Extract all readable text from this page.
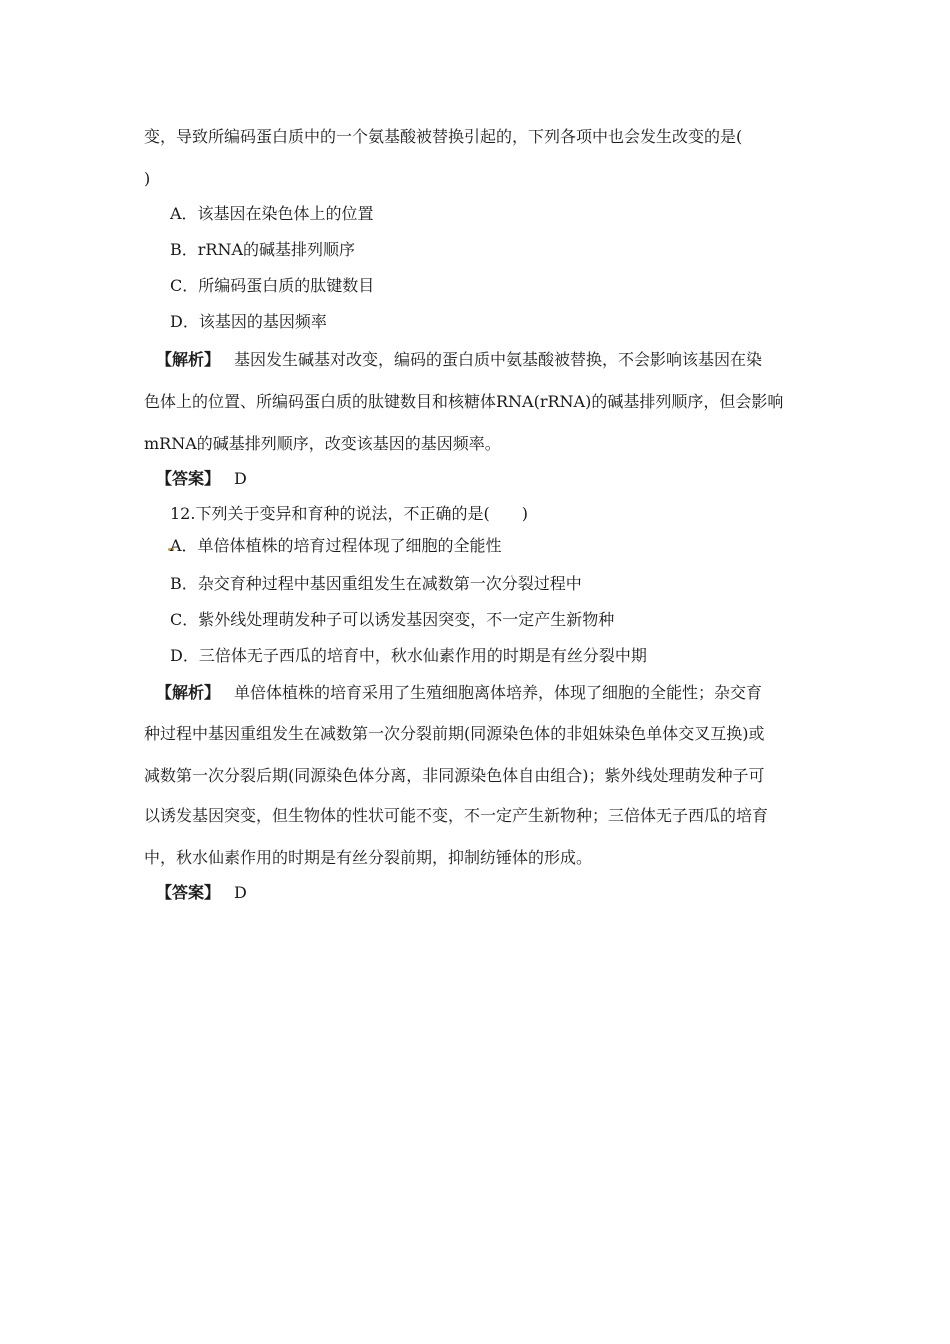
变，导致所编码蛋白质中的一个氨基酸被替换引起的，下列各项中也会发生改变的是(
)
A．该基因在染色体上的位置
B．rRNA的碱基排列顺序
C．所编码蛋白质的肽键数目
D．该基因的基因频率
【解析】 基因发生碱基对改变，编码的蛋白质中氨基酸被替换，不会影响该基因在染
色体上的位置、所编码蛋白质的肽键数目和核糖体RNA(rRNA)的碱基排列顺序，但会影响
mRNA的碱基排列顺序，改变该基因的基因频率。
【答案】 D
12.下列关于变异和育种的说法，不正确的是(　　)
A．单倍体植株的培育过程体现了细胞的全能性
B．杂交育种过程中基因重组发生在减数第一次分裂过程中
C．紫外线处理萌发种子可以诱发基因突变，不一定产生新物种
D．三倍体无子西瓜的培育中，秋水仙素作用的时期是有丝分裂中期
【解析】 单倍体植株的培育采用了生殖细胞离体培养，体现了细胞的全能性；杂交育
种过程中基因重组发生在减数第一次分裂前期(同源染色体的非姐妹染色单体交叉互换)或
减数第一次分裂后期(同源染色体分离，非同源染色体自由组合)；紫外线处理萌发种子可
以诱发基因突变，但生物体的性状可能不变，不一定产生新物种；三倍体无子西瓜的培育
中，秋水仙素作用的时期是有丝分裂前期，抑制纺锤体的形成。
【答案】 D
